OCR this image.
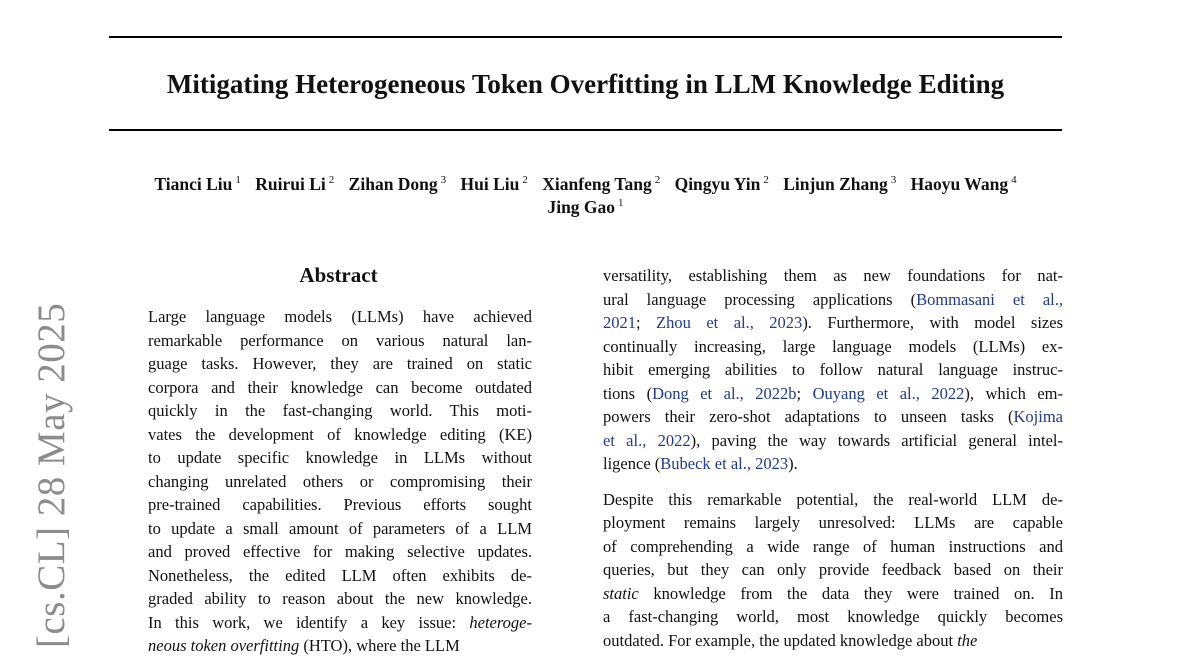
[cs.CL] 28 May 2025
Mitigating Heterogeneous Token Overfitting in LLM Knowledge Editing
Tianci Liu $^1$ Ruirui Li $^2$ Zihan Dong $^3$ Hui Liu $^2$ Xianfeng Tang $^2$ Qingyu Yin $^2$ Linjun Zhang $^3$ Haoyu Wang $^4$
Jing Gao $^1$
Abstract
Large language models (LLMs) have achieved
remarkable performance on various natural lan-
guage tasks. However, they are trained on static
corpora and their knowledge can become outdated
quickly in the fast-changing world. This moti-
vates the development of knowledge editing (KE)
to update specific knowledge in LLMs without
changing unrelated others or compromising their
pre-trained capabilities. Previous efforts sought
to update a small amount of parameters of a LLM
and proved effective for making selective updates.
Nonetheless, the edited LLM often exhibits de-
graded ability to reason about the new knowledge.
In this work, we identify a key issue: heteroge-
neous token overfitting (HTO), where the LLM
versatility, establishing them as new foundations for nat-
ural language processing applications (Bommasani et al.,
2021; Zhou et al., 2023). Furthermore, with model sizes
continually increasing, large language models (LLMs) ex-
hibit emerging abilities to follow natural language instruc-
tions (Dong et al., 2022b; Ouyang et al., 2022), which em-
powers their zero-shot adaptations to unseen tasks (Kojima
et al., 2022), paving the way towards artificial general intel-
ligence (Bubeck et al., 2023).
Despite this remarkable potential, the real-world LLM de-
ployment remains largely unresolved: LLMs are capable
of comprehending a wide range of human instructions and
queries, but they can only provide feedback based on their
static knowledge from the data they were trained on. In
a fast-changing world, most knowledge quickly becomes
outdated. For example, the updated knowledge about the
